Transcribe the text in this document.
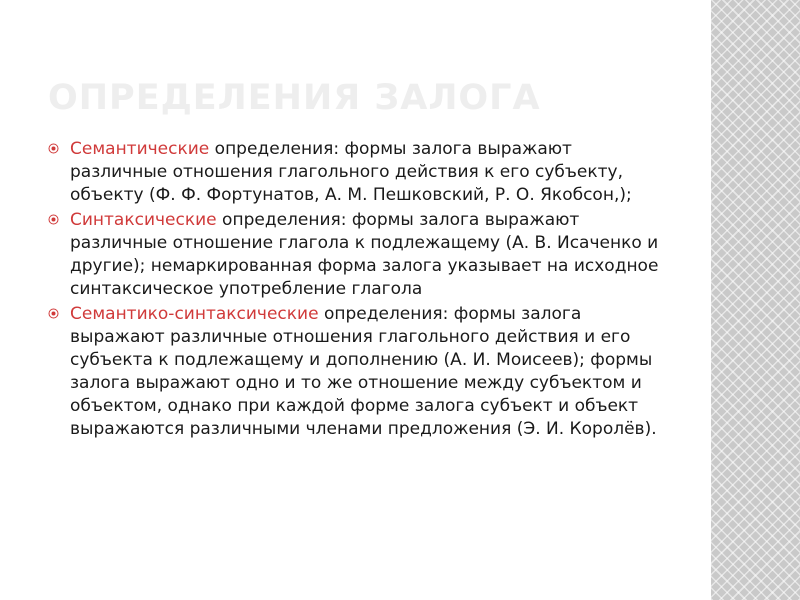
ОПРЕДЕЛЕНИЯ ЗАЛОГА
Семантические определения: формы залога выражают различные отношения глагольного действия к его субъекту, объекту (Ф. Ф. Фортунатов, А. М. Пешковский, Р. О. Якобсон,);
Синтаксические определения: формы залога выражают различные отношение глагола к подлежащему (А. В. Исаченко и другие); немаркированная форма залога указывает на исходное синтаксическое употребление глагола
Семантико-синтаксические определения: формы залога выражают различные отношения глагольного действия и его субъекта к подлежащему и дополнению (А. И. Моисеев); формы залога выражают одно и то же отношение между субъектом и объектом, однако при каждой форме залога субъект и объект выражаются различными членами предложения (Э. И. Королёв).
